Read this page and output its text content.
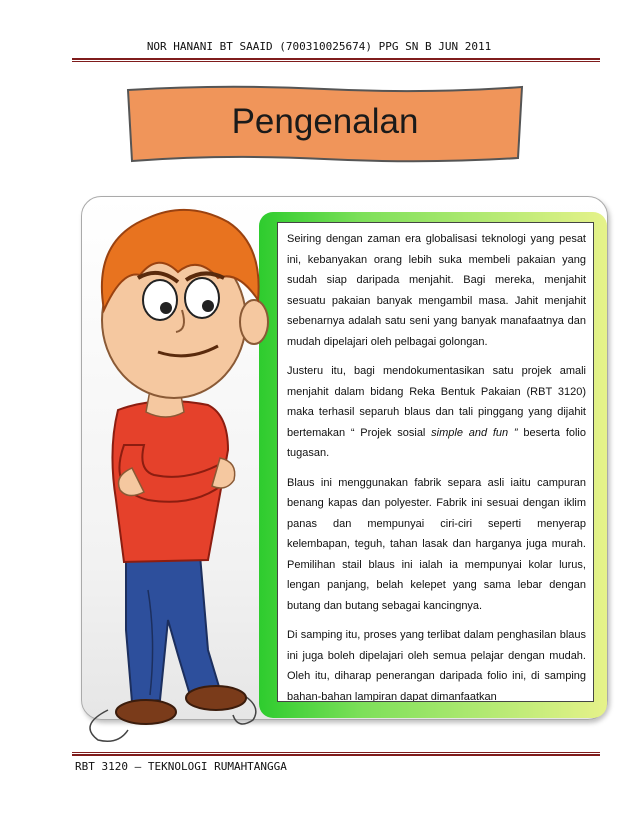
NOR HANANI BT SAAID (700310025674) PPG SN B JUN 2011
Pengenalan

Seiring dengan zaman era globalisasi teknologi yang pesat ini, kebanyakan orang lebih suka membeli pakaian yang sudah siap daripada menjahit. Bagi mereka, menjahit sesuatu pakaian banyak mengambil masa. Jahit menjahit sebenarnya adalah satu seni yang banyak manafaatnya dan mudah dipelajari oleh pelbagai golongan.

Justeru itu, bagi mendokumentasikan satu projek amali menjahit dalam bidang Reka Bentuk Pakaian (RBT 3120) maka terhasil separuh blaus dan tali pinggang yang dijahit bertemakan “ Projek sosial simple and fun ” beserta folio tugasan.

Blaus ini menggunakan fabrik separa asli iaitu campuran benang kapas dan polyester. Fabrik ini sesuai dengan iklim panas dan mempunyai ciri-ciri seperti menyerap kelembapan, teguh, tahan lasak dan harganya juga murah. Pemilihan stail blaus ini ialah ia mempunyai kolar lurus, lengan panjang, belah kelepet yang sama lebar dengan butang dan butang sebagai kancingnya.

Di samping itu, proses yang terlibat dalam penghasilan blaus ini juga boleh dipelajari oleh semua pelajar dengan mudah. Oleh itu, diharap penerangan daripada folio ini, di samping bahan-bahan lampiran dapat dimanfaatkan

RBT 3120 – TEKNOLOGI RUMAHTANGGA
